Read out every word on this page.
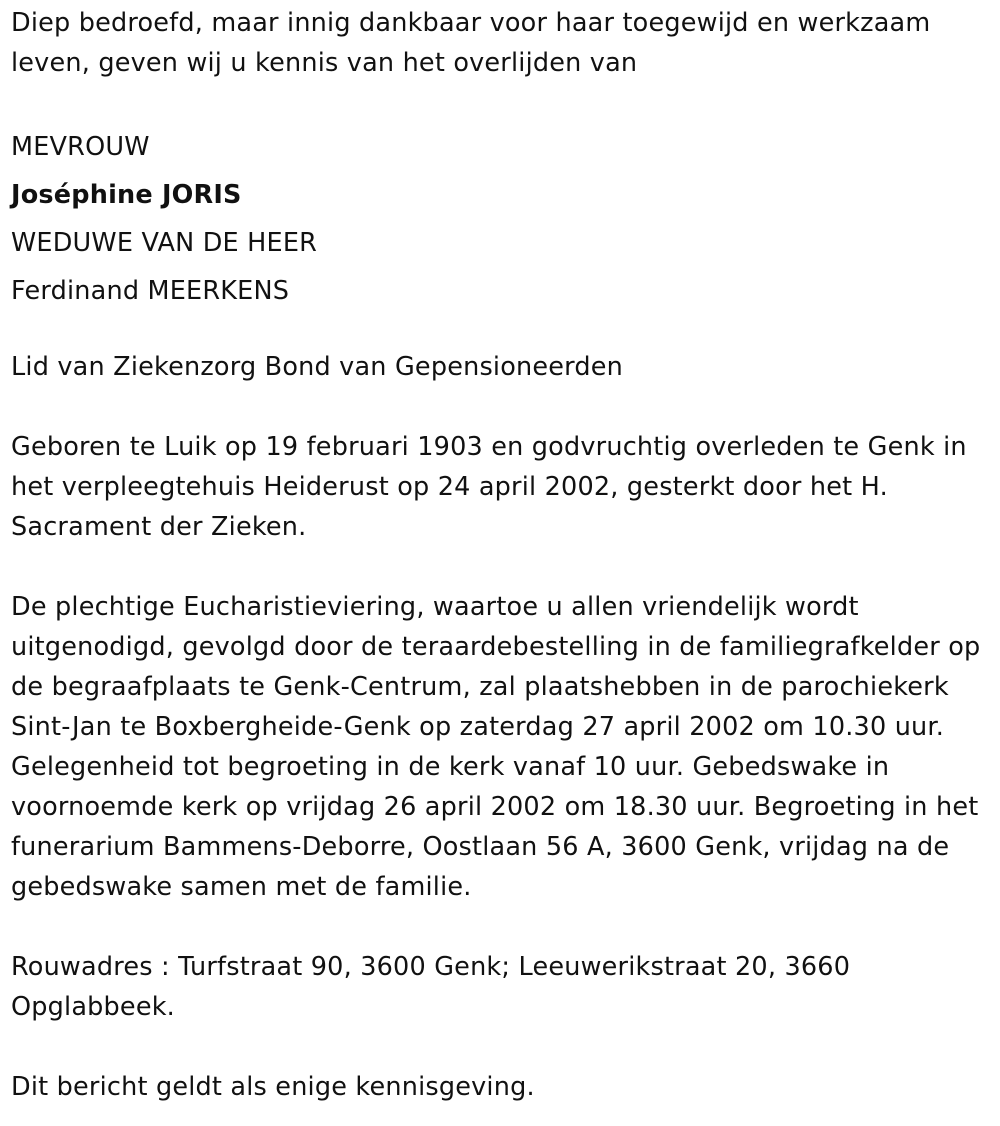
Diep bedroefd, maar innig dankbaar voor haar toegewijd en werkzaam leven, geven wij u kennis van het overlijden van

MEVROUW

Joséphine JORIS

WEDUWE VAN DE HEER

Ferdinand MEERKENS

Lid van Ziekenzorg Bond van Gepensioneerden

Geboren te Luik op 19 februari 1903 en godvruchtig overleden te Genk in het verpleegtehuis Heiderust op 24 april 2002, gesterkt door het H. Sacrament der Zieken.

De plechtige Eucharistieviering, waartoe u allen vriendelijk wordt uitgenodigd, gevolgd door de teraardebestelling in de familiegrafkelder op de begraafplaats te Genk-Centrum, zal plaatshebben in de parochiekerk Sint-Jan te Boxbergheide-Genk op zaterdag 27 april 2002 om 10.30 uur. Gelegenheid tot begroeting in de kerk vanaf 10 uur. Gebedswake in voornoemde kerk op vrijdag 26 april 2002 om 18.30 uur. Begroeting in het funerarium Bammens-Deborre, Oostlaan 56 A, 3600 Genk, vrijdag na de gebedswake samen met de familie.

Rouwadres : Turfstraat 90, 3600 Genk; Leeuwerikstraat 20, 3660 Opglabbeek.

Dit bericht geldt als enige kennisgeving.
